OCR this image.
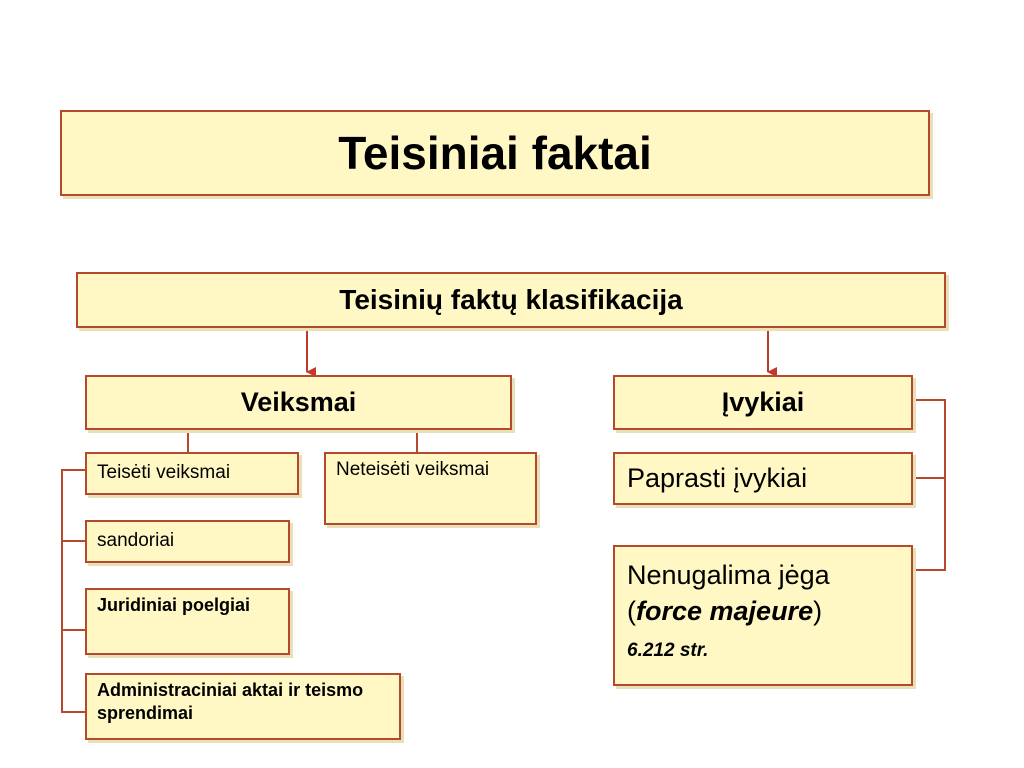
Teisiniai faktai
Teisinių faktų klasifikacija
Veiksmai	Įvykiai
Teisėti veiksmai	Neteisėti veiksmai
sandoriai
Juridiniai poelgiai
Administraciniai aktai ir teismo sprendimai
Paprasti įvykiai
Nenugalima jėga
(force majeure)
6.212 str.
